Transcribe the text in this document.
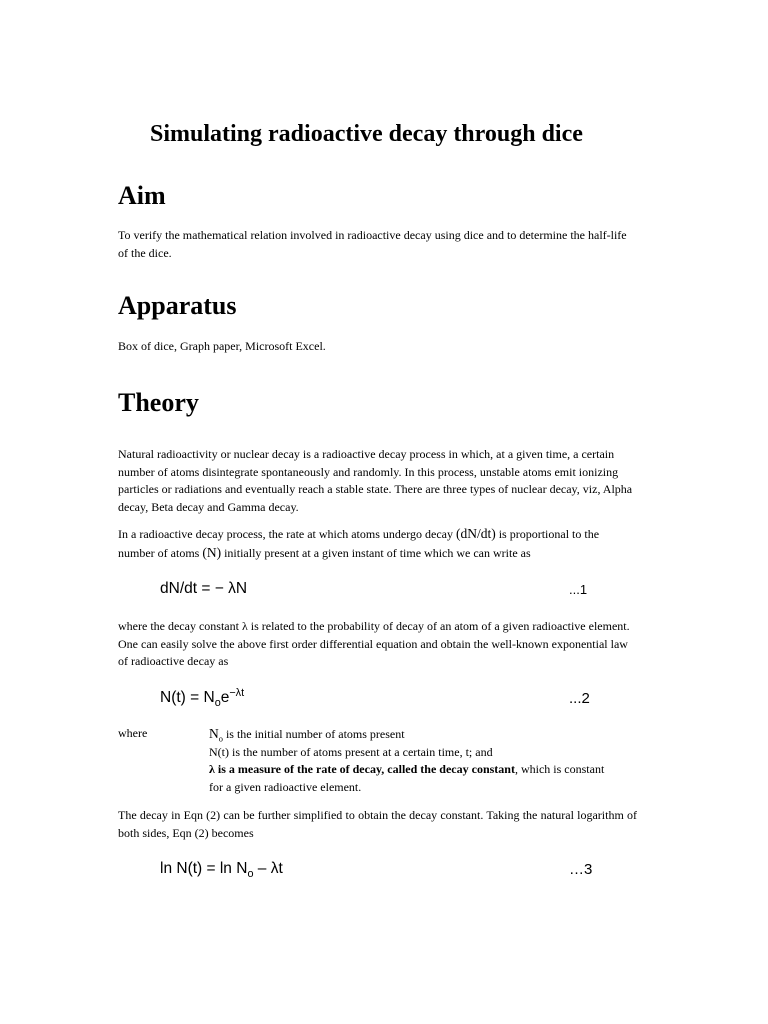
Simulating radioactive decay through dice
Aim

To verify the mathematical relation involved in radioactive decay using dice and to determine the half-life of the dice.

Apparatus

Box of dice, Graph paper, Microsoft Excel.

Theory

Natural radioactivity or nuclear decay is a radioactive decay process in which, at a given time, a certain number of atoms disintegrate spontaneously and randomly. In this process, unstable atoms emit ionizing particles or radiations and eventually reach a stable state. There are three types of nuclear decay, viz, Alpha decay, Beta decay and Gamma decay.

In a radioactive decay process, the rate at which atoms undergo decay (dN/dt) is proportional to the number of atoms (N) initially present at a given instant of time which we can write as

dN/dt = − λN	...1

where the decay constant λ is related to the probability of decay of an atom of a given radioactive element. One can easily solve the above first order differential equation and obtain the well-known exponential law of radioactive decay as

$N(t) = N_oe^{-\lambda t}$	...2
where	$N_o$ is the initial number of atoms present
N(t) is the number of atoms present at a certain time, t; and
λ is a measure of the rate of decay, called the decay constant, which is constant
for a given radioactive element.

The decay in Eqn (2) can be further simplified to obtain the decay constant. Taking the natural logarithm of both sides, Eqn (2) becomes

$\ln N(t) = \ln N_o - \lambda t$	…3
